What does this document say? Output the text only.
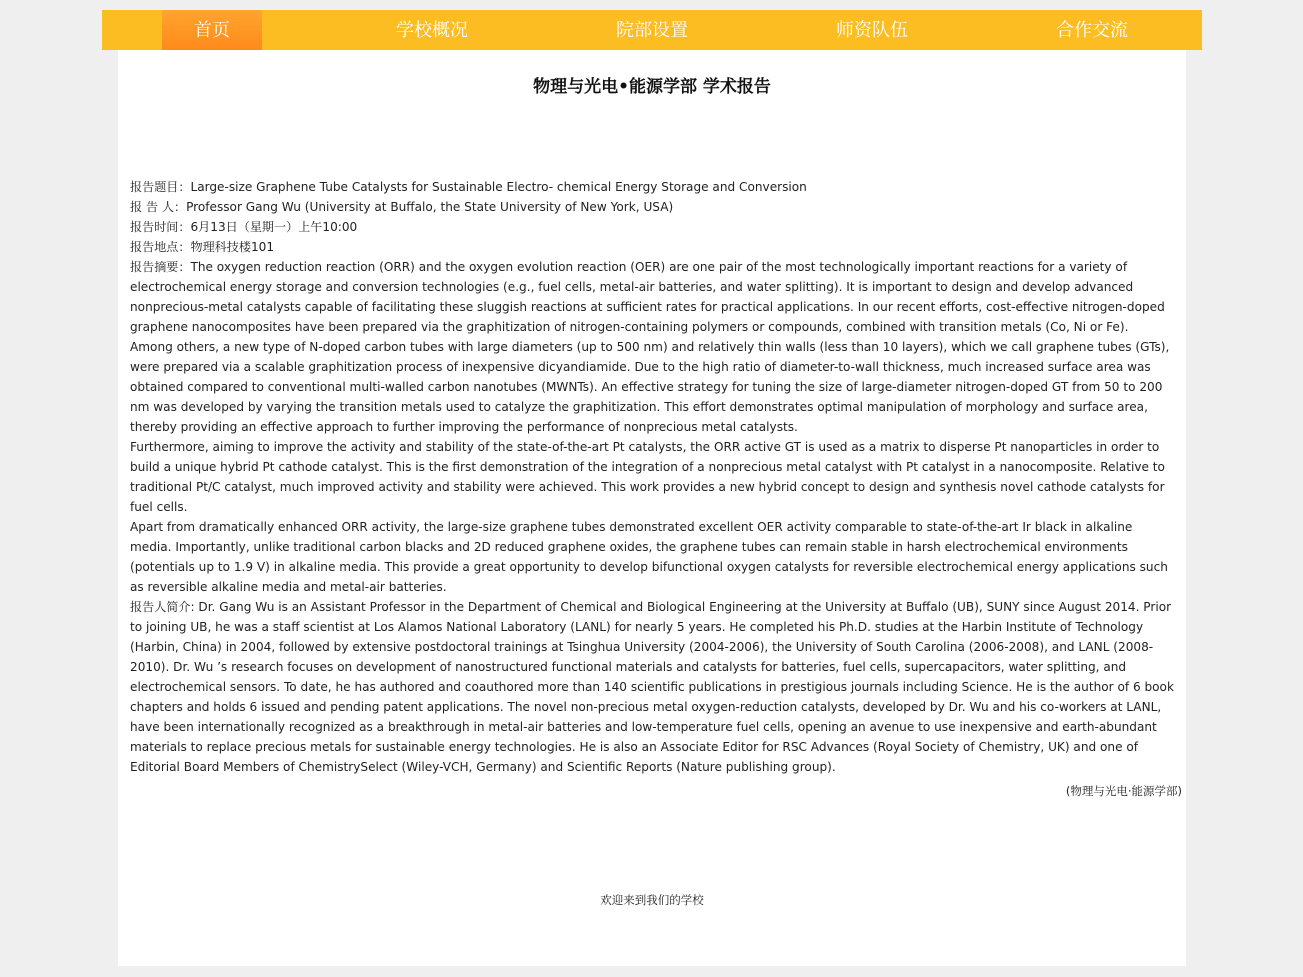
首页	学校概况	院部设置	师资队伍	合作交流
物理与光电•能源学部 学术报告

报告题目：Large-size Graphene Tube Catalysts for Sustainable Electro- chemical Energy Storage and Conversion

报 告 人：Professor Gang Wu (University at Buffalo, the State University of New York, USA)

报告时间：6月13日（星期一）上午10:00

报告地点：物理科技楼101

报告摘要：The oxygen reduction reaction (ORR) and the oxygen evolution reaction (OER) are one pair of the most technologically important reactions for a variety of electrochemical energy storage and conversion technologies (e.g., fuel cells, metal-air batteries, and water splitting). It is important to design and develop advanced nonprecious-metal catalysts capable of facilitating these sluggish reactions at sufficient rates for practical applications. In our recent efforts, cost-effective nitrogen-doped graphene nanocomposites have been prepared via the graphitization of nitrogen-containing polymers or compounds, combined with transition metals (Co, Ni or Fe). Among others, a new type of N-doped carbon tubes with large diameters (up to 500 nm) and relatively thin walls (less than 10 layers), which we call graphene tubes (GTs), were prepared via a scalable graphitization process of inexpensive dicyandiamide. Due to the high ratio of diameter-to-wall thickness, much increased surface area was obtained compared to conventional multi-walled carbon nanotubes (MWNTs). An effective strategy for tuning the size of large-diameter nitrogen-doped GT from 50 to 200 nm was developed by varying the transition metals used to catalyze the graphitization. This effort demonstrates optimal manipulation of morphology and surface area, thereby providing an effective approach to further improving the performance of nonprecious metal catalysts.

Furthermore, aiming to improve the activity and stability of the state-of-the-art Pt catalysts, the ORR active GT is used as a matrix to disperse Pt nanoparticles in order to build a unique hybrid Pt cathode catalyst. This is the first demonstration of the integration of a nonprecious metal catalyst with Pt catalyst in a nanocomposite. Relative to traditional Pt/C catalyst, much improved activity and stability were achieved. This work provides a new hybrid concept to design and synthesis novel cathode catalysts for fuel cells.

Apart from dramatically enhanced ORR activity, the large-size graphene tubes demonstrated excellent OER activity comparable to state-of-the-art Ir black in alkaline media. Importantly, unlike traditional carbon blacks and 2D reduced graphene oxides, the graphene tubes can remain stable in harsh electrochemical environments (potentials up to 1.9 V) in alkaline media. This provide a great opportunity to develop bifunctional oxygen catalysts for reversible electrochemical energy applications such as reversible alkaline media and metal-air batteries.

报告人简介: Dr. Gang Wu is an Assistant Professor in the Department of Chemical and Biological Engineering at the University at Buffalo (UB), SUNY since August 2014. Prior to joining UB, he was a staff scientist at Los Alamos National Laboratory (LANL) for nearly 5 years. He completed his Ph.D. studies at the Harbin Institute of Technology (Harbin, China) in 2004, followed by extensive postdoctoral trainings at Tsinghua University (2004-2006), the University of South Carolina (2006-2008), and LANL (2008-2010). Dr. Wu ’s research focuses on development of nanostructured functional materials and catalysts for batteries, fuel cells, supercapacitors, water splitting, and electrochemical sensors. To date, he has authored and coauthored more than 140 scientific publications in prestigious journals including Science. He is the author of 6 book chapters and holds 6 issued and pending patent applications. The novel non-precious metal oxygen-reduction catalysts, developed by Dr. Wu and his co-workers at LANL, have been internationally recognized as a breakthrough in metal-air batteries and low-temperature fuel cells, opening an avenue to use inexpensive and earth-abundant materials to replace precious metals for sustainable energy technologies. He is also an Associate Editor for RSC Advances (Royal Society of Chemistry, UK) and one of Editorial Board Members of ChemistrySelect (Wiley-VCH, Germany) and Scientific Reports (Nature publishing group).

(物理与光电·能源学部)
欢迎来到我们的学校
